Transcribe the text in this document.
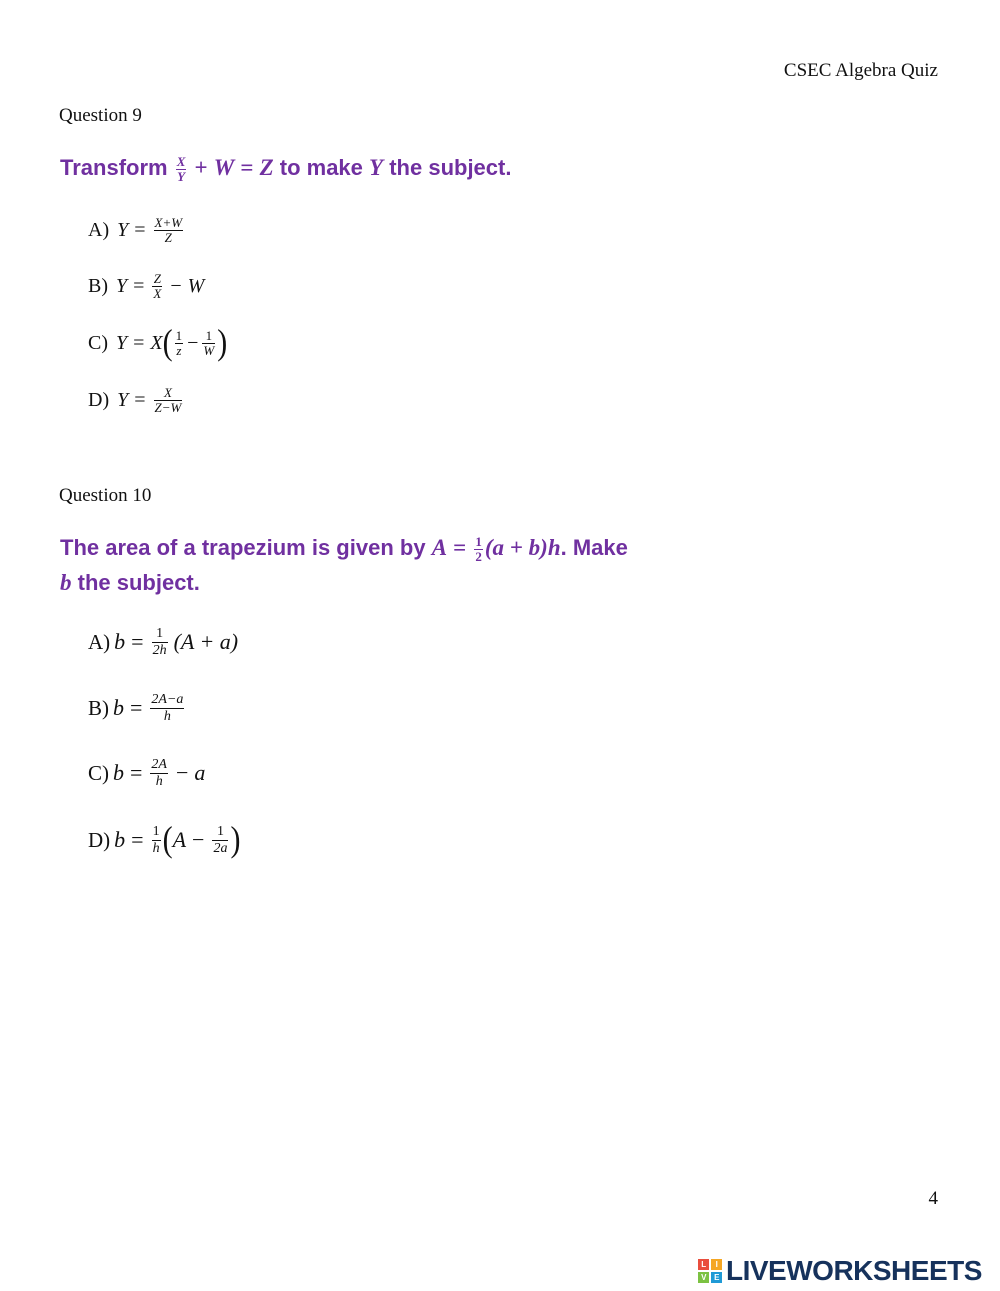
CSEC Algebra Quiz
Question 9
Transform $\frac{X}{Y} + W = Z$ to make Y the subject.
A) $Y = \frac{X+W}{Z}$
B) $Y = \frac{Z}{X} - W$
C) Y = X ( $\frac{1}{z} - \frac{1}{W}$ )
D) $Y = \frac{X}{Z-W}$
Question 10
The area of a trapezium is given by $A = \frac{1}{2} (a + b)h$. Make
b the subject.
A) $b = \frac{1}{2h} (A + a)$
B) $b = \frac{2A-a}{h}$
C) $b = \frac{2A}{h} - a$
D) $b = \frac{1}{h}$ ( $A - \frac{1}{2a}$ )
4
L	I
V	E LIVEWORKSHEETS
